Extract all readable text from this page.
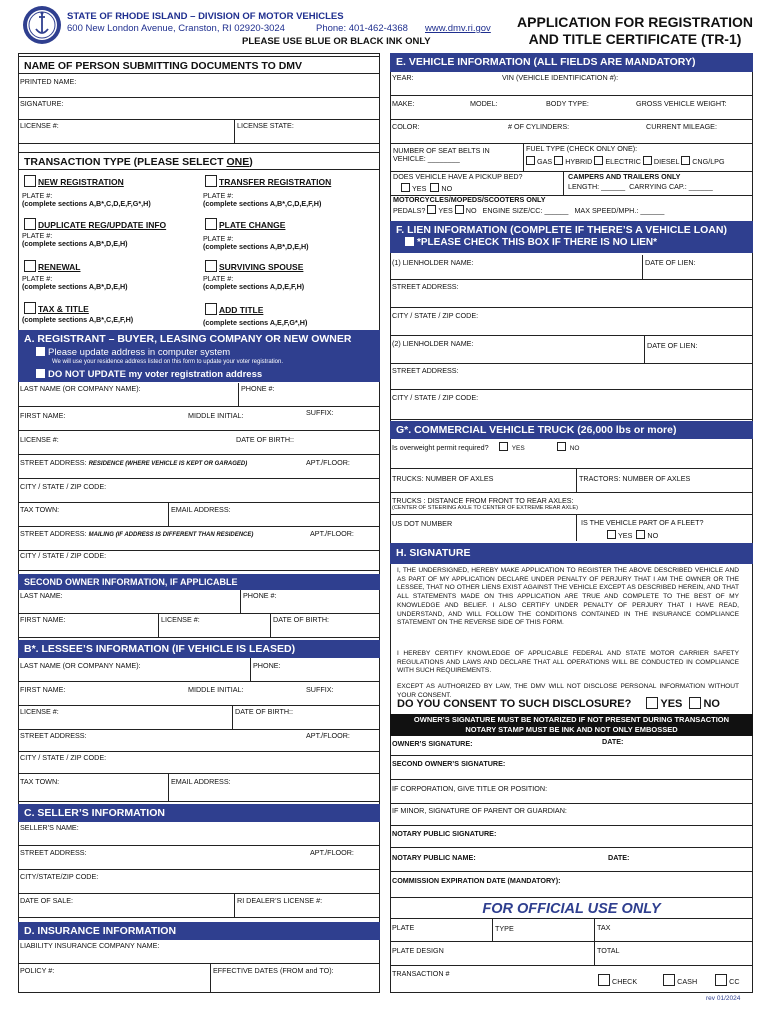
STATE OF RHODE ISLAND – DIVISION OF MOTOR VEHICLES
600 New London Avenue, Cranston, RI 02920-3024	Phone: 401-462-4368 www.dmv.ri.gov
PLEASE USE BLUE OR BLACK INK ONLY
APPLICATION FOR REGISTRATION
AND TITLE CERTIFICATE (TR-1)
NAME OF PERSON SUBMITTING DOCUMENTS TO DMV
PRINTED NAME:
SIGNATURE:
LICENSE #:	LICENSE STATE:
TRANSACTION TYPE (PLEASE SELECT ONE)
NEW REGISTRATION
PLATE #:
(complete sections A,B*,C,D,E,F,G*,H)
TRANSFER REGISTRATION
PLATE #:
(complete sections A,B*,C,D,E,F,H)
DUPLICATE REG/UPDATE INFO
PLATE #:
(complete sections A,B*,D,E,H)
PLATE CHANGE
PLATE #:
(complete sections A,B*,D,E,H)
RENEWAL
PLATE #:
(complete sections A,B*,D,E,H)
SURVIVING SPOUSE
PLATE #:
(complete sections A,D,E,F,H)
TAX & TITLE
(complete sections A,B*,C,E,F,H)
ADD TITLE
(complete sections A,E,F,G*,H)
A. REGISTRANT – BUYER, LEASING COMPANY OR NEW OWNER
Please update address in computer system
We will use your residence address listed on this form to update your voter registration.
DO NOT UPDATE my voter registration address
LAST NAME (OR COMPANY NAME):	PHONE #:
FIRST NAME:	MIDDLE INITIAL:	SUFFIX:
LICENSE #:	DATE OF BIRTH::
STREET ADDRESS: RESIDENCE (WHERE VEHICLE IS KEPT OR GARAGED)	APT./FLOOR:
CITY / STATE / ZIP CODE:
TAX TOWN:	EMAIL ADDRESS:
STREET ADDRESS: MAILING (IF ADDRESS IS DIFFERENT THAN RESIDENCE)	APT./FLOOR:
CITY / STATE / ZIP CODE:
SECOND OWNER INFORMATION, IF APPLICABLE
LAST NAME:	PHONE #:
FIRST NAME:	LICENSE #:	DATE OF BIRTH:
B*. LESSEE’S INFORMATION (IF VEHICLE IS LEASED)
LAST NAME (OR COMPANY NAME):	PHONE:
FIRST NAME:	MIDDLE INITIAL:	SUFFIX:
LICENSE #:	DATE OF BIRTH::
STREET ADDRESS:	APT./FLOOR:
CITY / STATE / ZIP CODE:
TAX TOWN:	EMAIL ADDRESS:
C. SELLER’S INFORMATION
SELLER’S NAME:
STREET ADDRESS:	APT./FLOOR:
CITY/STATE/ZIP CODE:
DATE OF SALE:	RI DEALER’S LICENSE #:
D. INSURANCE INFORMATION
LIABILITY INSURANCE COMPANY NAME:
POLICY #:	EFFECTIVE DATES (FROM and TO):
E. VEHICLE INFORMATION (ALL FIELDS ARE MANDATORY)
YEAR:	VIN (VEHICLE IDENTIFICATION #):
MAKE:	MODEL:	BODY TYPE:	GROSS VEHICLE WEIGHT:
COLOR:	# OF CYLINDERS:	CURRENT MILEAGE:
NUMBER OF SEAT BELTS IN
VEHICLE: ________
FUEL TYPE (CHECK ONLY ONE):
GAS HYBRID ELECTRIC DIESEL CNG/LPG
DOES VEHICLE HAVE A PICKUP BED?
YES NO
CAMPERS AND TRAILERS ONLY
LENGTH: ______ CARRYING CAP.: ______
MOTORCYCLES/MOPEDS/SCOOTERS ONLY
PEDALS? YES NO ENGINE SIZE/CC: ______ MAX SPEED/MPH.: ______
F. LIEN INFORMATION (COMPLETE IF THERE’S A VEHICLE LOAN)
*PLEASE CHECK THIS BOX IF THERE IS NO LIEN*
(1) LIENHOLDER NAME:	DATE OF LIEN:
STREET ADDRESS:
CITY / STATE / ZIP CODE:
(2) LIENHOLDER NAME:	DATE OF LIEN:
STREET ADDRESS:
CITY / STATE / ZIP CODE:
G*. COMMERCIAL VEHICLE TRUCK (26,000 lbs or more)
Is overweight permit required?	YES	NO
TRUCKS: NUMBER OF AXLES	TRACTORS: NUMBER OF AXLES
TRUCKS : DISTANCE FROM FRONT TO REAR AXLES:
(CENTER OF STEERING AXLE TO CENTER OF EXTREME REAR AXLE)
US DOT NUMBER	IS THE VEHICLE PART OF A FLEET?
YES NO
H. SIGNATURE
I, THE UNDERSIGNED, HEREBY MAKE APPLICATION TO REGISTER THE ABOVE DESCRIBED VEHICLE AND AS PART OF MY APPLICATION DECLARE UNDER PENALTY OF PERJURY THAT I AM THE OWNER OR THE LESSEE, THAT NO OTHER LIENS EXIST AGAINST THE VEHICLE EXCEPT AS DESCRIBED HEREIN, AND THAT ALL STATEMENTS MADE ON THIS APPLICATION ARE TRUE AND COMPLETE TO THE BEST OF MY KNOWLEDGE AND BELIEF. I ALSO CERTIFY UNDER PENALTY OF PERJURY THAT I HAVE READ, UNDERSTAND, AND WILL FOLLOW THE CONDITIONS CONTAINED IN THE INSURANCE COMPLIANCE STATEMENT ON THE REVERSE SIDE OF THIS FORM.
I HEREBY CERTIFY KNOWLEDGE OF APPLICABLE FEDERAL AND STATE MOTOR CARRIER SAFETY REGULATIONS AND LAWS AND DECLARE THAT ALL OPERATIONS WILL BE CONDUCTED IN COMPLIANCE WITH SUCH REQUIREMENTS.
EXCEPT AS AUTHORIZED BY LAW, THE DMV WILL NOT DISCLOSE PERSONAL INFORMATION WITHOUT YOUR CONSENT.
DO YOU CONSENT TO SUCH DISCLOSURE?	YES NO
OWNER’S SIGNATURE MUST BE NOTARIZED IF NOT PRESENT DURING TRANSACTION
NOTARY STAMP MUST BE INK AND NOT ONLY EMBOSSED
OWNER’S SIGNATURE:	DATE:
SECOND OWNER’S SIGNATURE:
IF CORPORATION, GIVE TITLE OR POSITION:
IF MINOR, SIGNATURE OF PARENT OR GUARDIAN:
NOTARY PUBLIC SIGNATURE:
NOTARY PUBLIC NAME:	DATE:
COMMISSION EXPIRATION DATE (MANDATORY):
FOR OFFICIAL USE ONLY
PLATE	TYPE	TAX
PLATE DESIGN	TOTAL
TRANSACTION #
CHECK	CASH	CC
rev 01/2024
